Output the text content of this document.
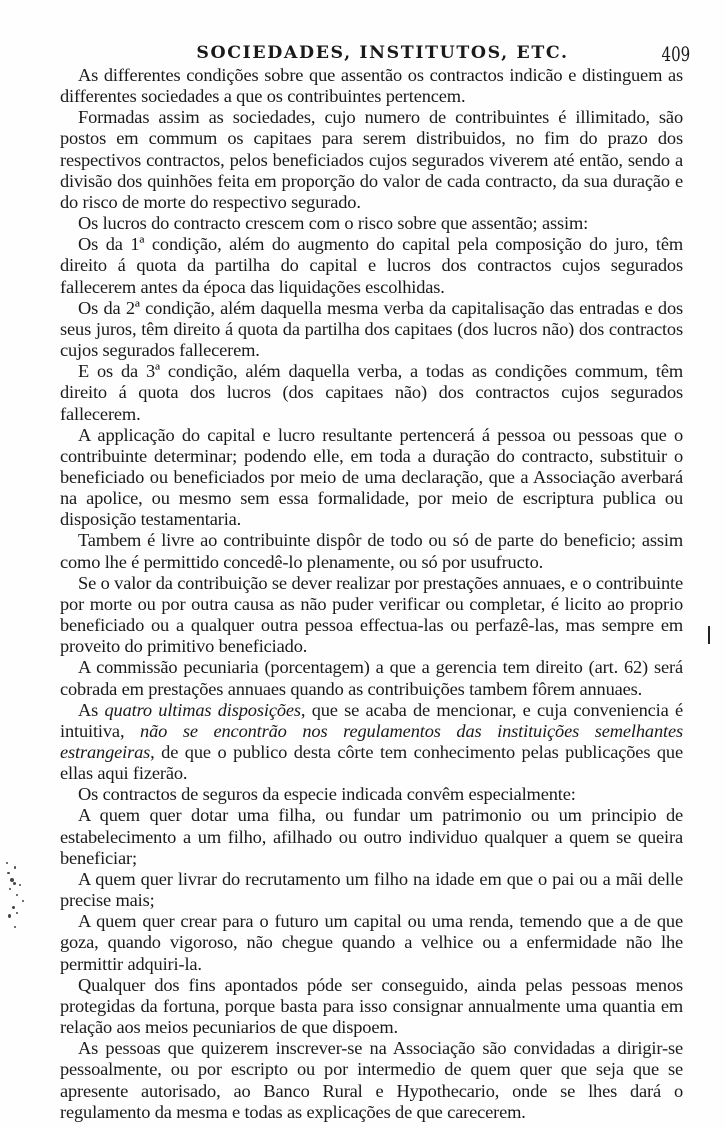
SOCIEDADES, INSTITUTOS, ETC.	409

As differentes condições sobre que assentão os contractos indicão e distinguem as differentes sociedades a que os contribuintes pertencem.

Formadas assim as sociedades, cujo numero de contribuintes é illimitado, são postos em commum os capitaes para serem distribuidos, no fim do prazo dos respectivos contractos, pelos beneficiados cujos segurados viverem até então, sendo a divisão dos quinhões feita em proporção do valor de cada contracto, da sua duração e do risco de morte do respectivo segurado.

Os lucros do contracto crescem com o risco sobre que assentão; assim:

Os da 1ª condição, além do augmento do capital pela composição do juro, têm direito á quota da partilha do capital e lucros dos contractos cujos segurados fallecerem antes da época das liquidações escolhidas.

Os da 2ª condição, além daquella mesma verba da capitalisação das entradas e dos seus juros, têm direito á quota da partilha dos capitaes (dos lucros não) dos contractos cujos segurados fallecerem.

E os da 3ª condição, além daquella verba, a todas as condições commum, têm direito á quota dos lucros (dos capitaes não) dos contractos cujos segurados fallecerem.

A applicação do capital e lucro resultante pertencerá á pessoa ou pessoas que o contribuinte determinar; podendo elle, em toda a duração do contracto, substituir o beneficiado ou beneficiados por meio de uma declaração, que a Associação averbará na apolice, ou mesmo sem essa formalidade, por meio de escriptura publica ou disposição testamentaria.

Tambem é livre ao contribuinte dispôr de todo ou só de parte do beneficio; assim como lhe é permittido concedê-lo plenamente, ou só por usufructo.

Se o valor da contribuição se dever realizar por prestações annuaes, e o contribuinte por morte ou por outra causa as não puder verificar ou completar, é licito ao proprio beneficiado ou a qualquer outra pessoa effectua-las ou perfazê-las, mas sempre em proveito do primitivo beneficiado.

A commissão pecuniaria (porcentagem) a que a gerencia tem direito (art. 62) será cobrada em prestações annuaes quando as contribuições tambem fôrem annuaes.

As quatro ultimas disposições, que se acaba de mencionar, e cuja conveniencia é intuitiva, não se encontrão nos regulamentos das instituições semelhantes estrangeiras, de que o publico desta côrte tem conhecimento pelas publicações que ellas aqui fizerão.

Os contractos de seguros da especie indicada convêm especialmente:

A quem quer dotar uma filha, ou fundar um patrimonio ou um principio de estabelecimento a um filho, afilhado ou outro individuo qualquer a quem se queira beneficiar;

A quem quer livrar do recrutamento um filho na idade em que o pai ou a mãi delle precise mais;

A quem quer crear para o futuro um capital ou uma renda, temendo que a de que goza, quando vigoroso, não chegue quando a velhice ou a enfermidade não lhe permittir adquiri-la.

Qualquer dos fins apontados póde ser conseguido, ainda pelas pessoas menos protegidas da fortuna, porque basta para isso consignar annualmente uma quantia em relação aos meios pecuniarios de que dispoem.

As pessoas que quizerem inscrever-se na Associação são convidadas a dirigir-se pessoalmente, ou por escripto ou por intermedio de quem quer que seja que se apresente autorisado, ao Banco Rural e Hypothecario, onde se lhes dará o regulamento da mesma e todas as explicações de que carecerem.
